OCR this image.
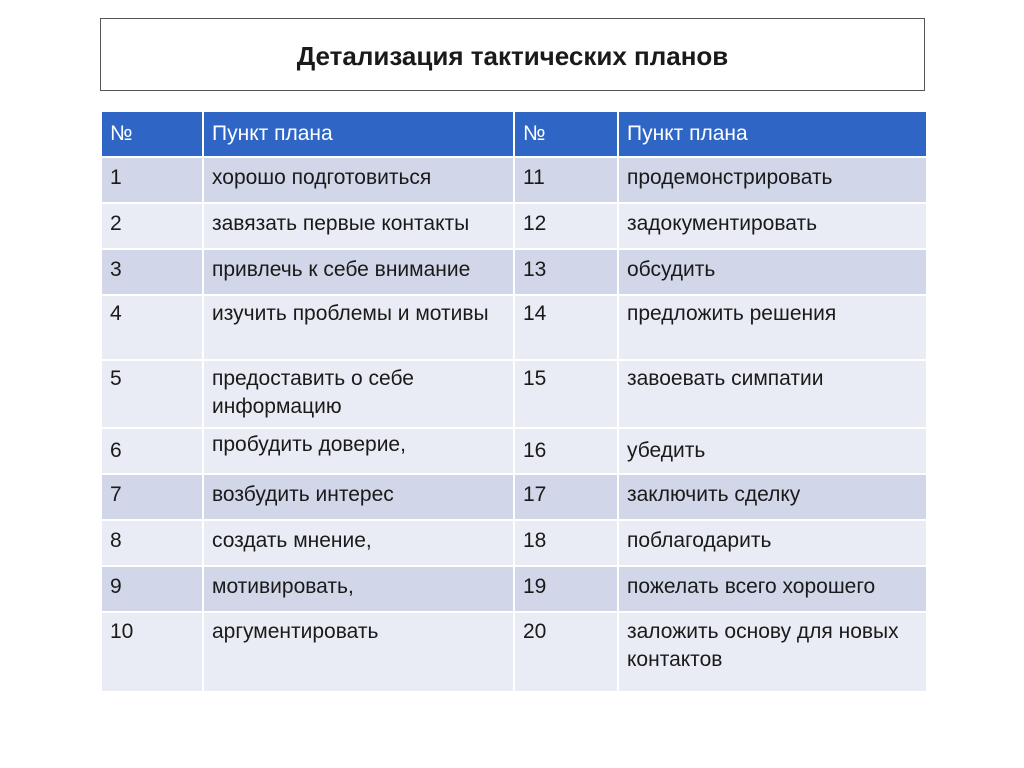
Детализация тактических планов
№	Пункт плана	№	Пункт плана
1	хорошо подготовиться	11	продемонстрировать
2	завязать первые контакты	12	задокументировать
3	привлечь к себе внимание	13	обсудить
4	изучить проблемы и мотивы	14	предложить решения
5	предоставить о себе информацию	15	завоевать симпатии
6	пробудить доверие,	16	убедить
7	возбудить интерес	17	заключить сделку
8	создать мнение,	18	поблагодарить
9	мотивировать,	19	пожелать всего хорошего
10	аргументировать	20	заложить основу для новых контактов
